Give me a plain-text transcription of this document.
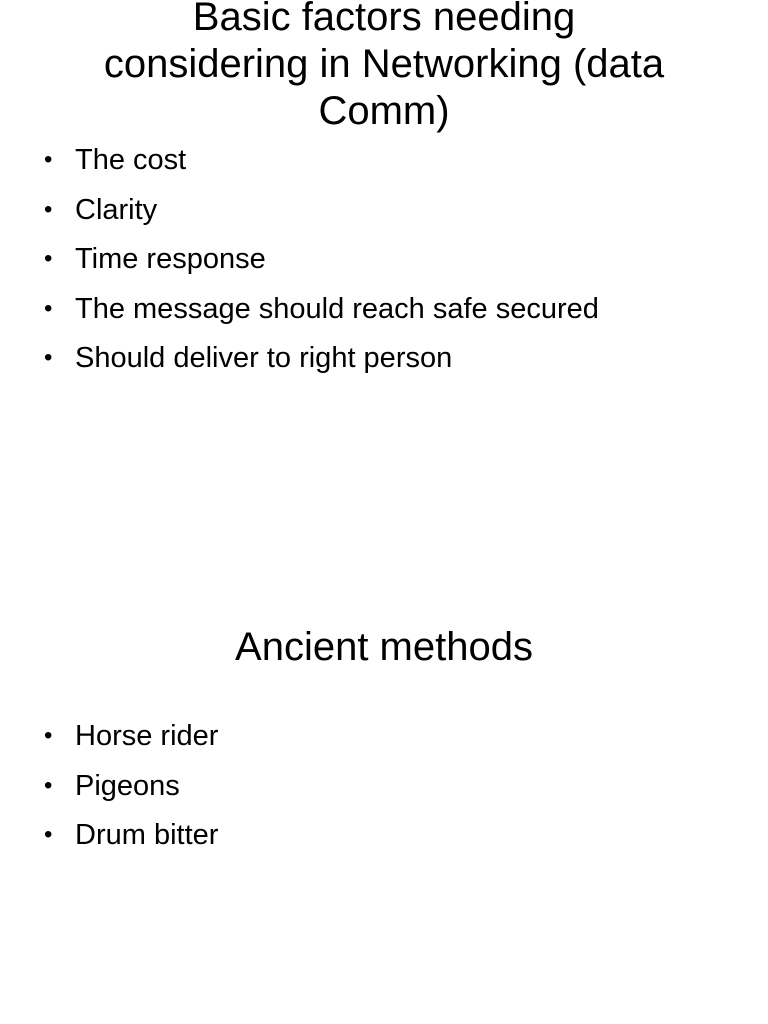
Basic factors needing
considering in Networking (data
Comm)
• The cost
• Clarity
• Time response
• The message should reach safe secured
• Should deliver to right person
Ancient methods
• Horse rider
• Pigeons
• Drum bitter
